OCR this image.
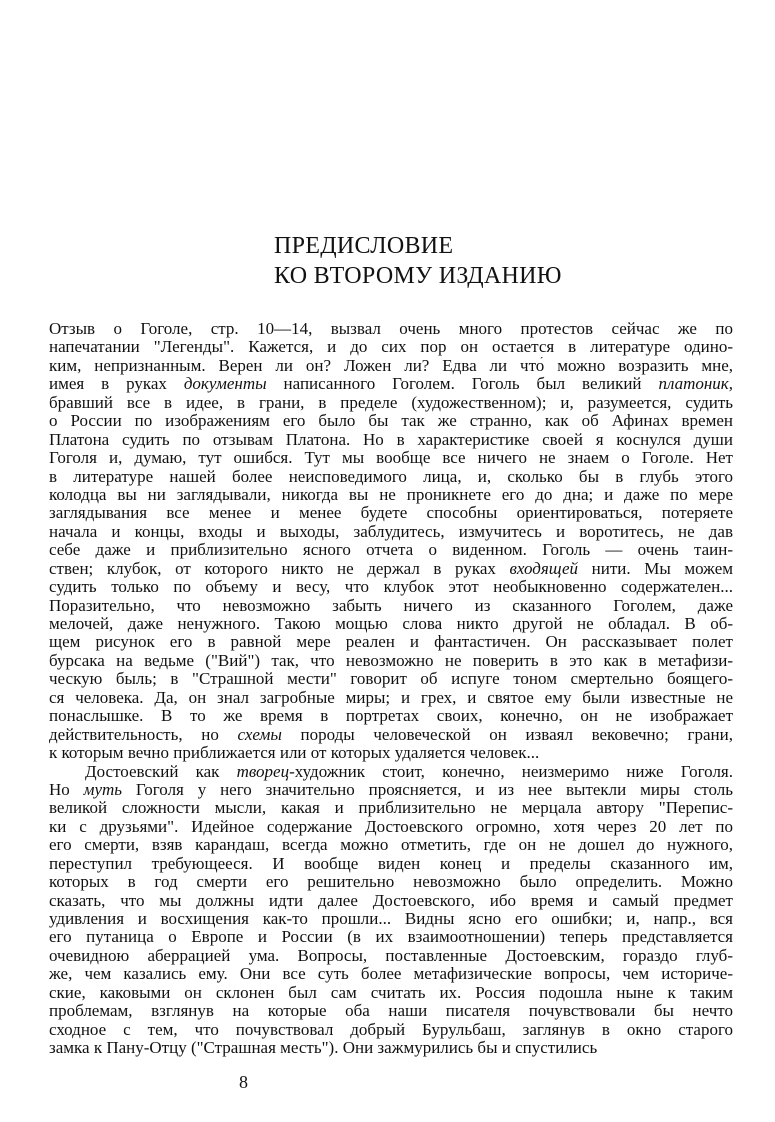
ПРЕДИСЛОВИЕ
КО ВТОРОМУ ИЗДАНИЮ
Отзыв о Гоголе, стр. 10—14, вызвал очень много протестов сейчас же по
напечатании "Легенды". Кажется, и до сих пор он остается в литературе одино-
ким, непризнанным. Верен ли он? Ложен ли? Едва ли что́ можно возразить мне,
имея в руках документы написанного Гоголем. Гоголь был великий платоник,
бравший все в идее, в грани, в пределе (художественном); и, разумеется, судить
о России по изображениям его было бы так же странно, как об Афинах времен
Платона судить по отзывам Платона. Но в характеристике своей я коснулся души
Гоголя и, думаю, тут ошибся. Тут мы вообще все ничего не знаем о Гоголе. Нет
в литературе нашей более неисповедимого лица, и, сколько бы в глубь этого
колодца вы ни заглядывали, никогда вы не проникнете его до дна; и даже по мере
заглядывания все менее и менее будете способны ориентироваться, потеряете
начала и концы, входы и выходы, заблудитесь, измучитесь и воротитесь, не дав
себе даже и приблизительно ясного отчета о виденном. Гоголь — очень таин-
ствен; клубок, от которого никто не держал в руках входящей нити. Мы можем
судить только по объему и весу, что клубок этот необыкновенно содержателен...
Поразительно, что невозможно забыть ничего из сказанного Гоголем, даже
мелочей, даже ненужного. Такою мощью слова никто другой не обладал. В об-
щем рисунок его в равной мере реален и фантастичен. Он рассказывает полет
бурсака на ведьме ("Вий") так, что невозможно не поверить в это как в метафизи-
ческую быль; в "Страшной мести" говорит об испуге тоном смертельно боящего-
ся человека. Да, он знал загробные миры; и грех, и святое ему были известные не
понаслышке. В то же время в портретах своих, конечно, он не изображает
действительность, но схемы породы человеческой он изваял вековечно; грани,
к которым вечно приближается или от которых удаляется человек...
Достоевский как творец-художник стоит, конечно, неизмеримо ниже Гоголя.
Но муть Гоголя у него значительно проясняется, и из нее вытекли миры столь
великой сложности мысли, какая и приблизительно не мерцала автору "Перепис-
ки с друзьями". Идейное содержание Достоевского огромно, хотя через 20 лет по
его смерти, взяв карандаш, всегда можно отметить, где он не дошел до нужного,
переступил требующееся. И вообще виден конец и пределы сказанного им,
которых в год смерти его решительно невозможно было определить. Можно
сказать, что мы должны идти далее Достоевского, ибо время и самый предмет
удивления и восхищения как-то прошли... Видны ясно его ошибки; и, напр., вся
его путаница о Европе и России (в их взаимоотношении) теперь представляется
очевидною аберрацией ума. Вопросы, поставленные Достоевским, гораздо глуб-
же, чем казались ему. Они все суть более метафизические вопросы, чем историче-
ские, каковыми он склонен был сам считать их. Россия подошла ныне к таким
проблемам, взглянув на которые оба наши писателя почувствовали бы нечто
сходное с тем, что почувствовал добрый Бурульбаш, заглянув в окно старого
замка к Пану-Отцу ("Страшная месть"). Они зажмурились бы и спустились

8
